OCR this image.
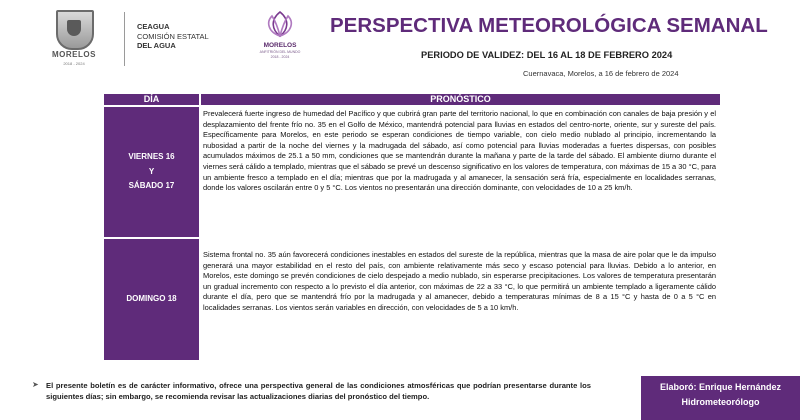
MORELOS
2018 - 2024
CEAGUA
COMISIÓN ESTATAL
DEL AGUA	MORELOS
ANFITRIÓN DEL MUNDO
2018 - 2024
PERSPECTIVA METEOROLÓGICA SEMANAL
PERIODO DE VALIDEZ: DEL 16 AL 18 DE FEBRERO 2024
Cuernavaca, Morelos, a 16 de febrero de 2024
DÍA	PRONÓSTICO
VIERNES 16
Y
SÁBADO 17
Prevalecerá fuerte ingreso de humedad del Pacífico y que cubrirá gran parte del territorio nacional, lo que en combinación con canales de baja presión y el desplazamiento del frente frío no. 35 en el Golfo de México, mantendrá potencial para lluvias en estados del centro-norte, oriente, sur y sureste del país. Específicamente para Morelos, en este periodo se esperan condiciones de tiempo variable, con cielo medio nublado al principio, incrementando la nubosidad a partir de la noche del viernes y la madrugada del sábado, así como potencial para lluvias moderadas a fuertes dispersas, con posibles acumulados máximos de 25.1 a 50 mm, condiciones que se mantendrán durante la mañana y parte de la tarde del sábado. El ambiente diurno durante el viernes será cálido a templado, mientras que el sábado se prevé un descenso significativo en los valores de temperatura, con máximas de 15 a 30 °C, para un ambiente fresco a templado en el día; mientras que por la madrugada y al amanecer, la sensación será fría, especialmente en localidades serranas, donde los valores oscilarán entre 0 y 5 °C. Los vientos no presentarán una dirección dominante, con velocidades de 10 a 25 km/h.
DOMINGO 18
Sistema frontal no. 35 aún favorecerá condiciones inestables en estados del sureste de la república, mientras que la masa de aire polar que le da impulso generará una mayor estabilidad en el resto del país, con ambiente relativamente más seco y escaso potencial para lluvias. Debido a lo anterior, en Morelos, este domingo se prevén condiciones de cielo despejado a medio nublado, sin esperarse precipitaciones. Los valores de temperatura presentarán un gradual incremento con respecto a lo previsto el día anterior, con máximas de 22 a 33 °C, lo que permitirá un ambiente templado a ligeramente cálido durante el día, pero que se mantendrá frío por la madrugada y al amanecer, debido a temperaturas mínimas de 8 a 15 °C y hasta de 0 a 5 °C en localidades serranas. Los vientos serán variables en dirección, con velocidades de 5 a 10 km/h.
➤ El presente boletín es de carácter informativo, ofrece una perspectiva general de las condiciones atmosféricas que podrían presentarse durante los siguientes días; sin embargo, se recomienda revisar las actualizaciones diarias del pronóstico del tiempo.
Elaboró: Enrique Hernández
Hidrometeorólogo
